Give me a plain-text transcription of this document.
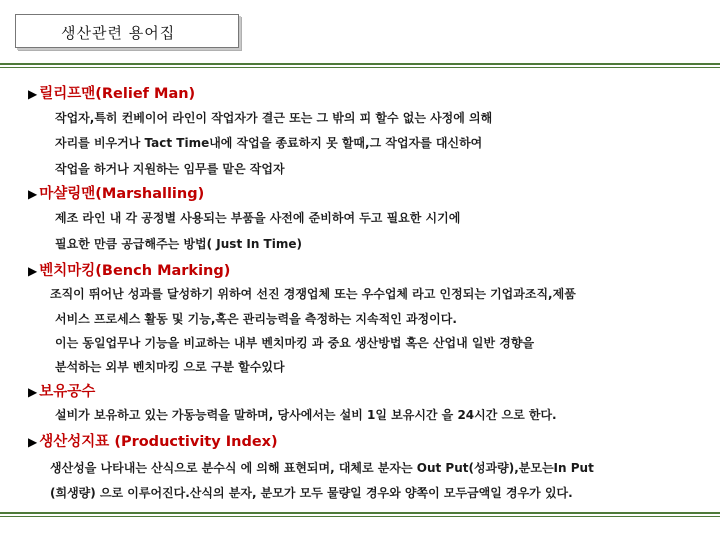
생산관련 용어집
▶ 릴리프맨(Relief Man)
작업자,특히 컨베이어 라인이 작업자가 결근 또는 그 밖의 피 할수 없는 사정에 의해
자리를 비우거나 Tact Time내에 작업을 종료하지 못 할때,그 작업자를 대신하여
작업을 하거나 지원하는 임무를 맡은 작업자
▶ 마샬링맨(Marshalling)
제조 라인 내 각 공정별 사용되는 부품을 사전에 준비하여 두고 필요한 시기에
필요한 만큼 공급해주는 방법( Just In Time)
▶ 벤치마킹(Bench Marking)
조직이 뛰어난 성과를 달성하기 위하여 선진 경쟁업체 또는 우수업체 라고 인정되는 기업과조직,제품
서비스 프로세스 활동 및 기능,혹은 관리능력을 측정하는 지속적인 과정이다.
이는 동일업무나 기능을 비교하는 내부 벤치마킹 과 중요 생산방법 혹은 산업내 일반 경향을
분석하는 외부 벤치마킹 으로 구분 할수있다
▶ 보유공수
설비가 보유하고 있는 가동능력을 말하며, 당사에서는 설비 1일 보유시간 을 24시간 으로 한다.
▶ 생산성지표 (Productivity Index)
생산성을 나타내는 산식으로 분수식 에 의해 표현되며, 대체로 분자는 Out Put(성과량),분모는In Put
(희생량) 으로 이루어진다.산식의 분자, 분모가 모두 물량일 경우와 양쪽이 모두금액일 경우가 있다.
